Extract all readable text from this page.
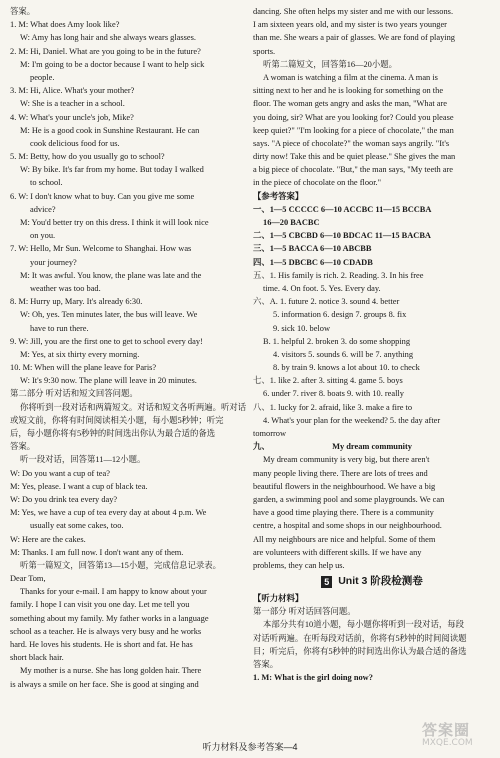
答案。
1. M: What does Amy look like?
W: Amy has long hair and she always wears glasses.
2. M: Hi, Daniel. What are you going to be in the future?
M: I'm going to be a doctor because I want to help sick
people.
3. M: Hi, Alice. What's your mother?
W: She is a teacher in a school.
4. W: What's your uncle's job, Mike?
M: He is a good cook in Sunshine Restaurant. He can
cook delicious food for us.
5. M: Betty, how do you usually go to school?
W: By bike. It's far from my home. But today I walked
to school.
6. W: I don't know what to buy. Can you give me some
advice?
M: You'd better try on this dress. I think it will look nice
on you.
7. W: Hello, Mr Sun. Welcome to Shanghai. How was
your journey?
M: It was awful. You know, the plane was late and the
weather was too bad.
8. M: Hurry up, Mary. It's already 6:30.
W: Oh, yes. Ten minutes later, the bus will leave. We
have to run there.
9. W: Jill, you are the first one to get to school every day!
M: Yes, at six thirty every morning.
10. M: When will the plane leave for Paris?
W: It's 9:30 now. The plane will leave in 20 minutes.
第二部分 听对话和短文回答问题。
你将听到一段对话和两篇短文。对话和短文各听两遍。听对话
或短文前，你将有时间阅读相关小题，每小题5秒钟；听完
后，每小题你将有5秒钟的时间选出你认为最合适的备选
答案。
听一段对话，回答第11—12小题。
W: Do you want a cup of tea?
M: Yes, please. I want a cup of black tea.
W: Do you drink tea every day?
M: Yes, we have a cup of tea every day at about 4 p.m. We
usually eat some cakes, too.
W: Here are the cakes.
M: Thanks. I am full now. I don't want any of them.
听第一篇短文，回答第13—15小题，完成信息记录表。
Dear Tom,
Thanks for your e-mail. I am happy to know about your
family. I hope I can visit you one day. Let me tell you
something about my family. My father works in a language
school as a teacher. He is always very busy and he works
hard. He loves his students. He is short and fat. He has
short black hair.
My mother is a nurse. She has long golden hair. There
is always a smile on her face. She is good at singing and
dancing. She often helps my sister and me with our lessons.
I am sixteen years old, and my sister is two years younger
than me. She wears a pair of glasses. We are fond of playing
sports.
听第二篇短文，回答第16—20小题。
A woman is watching a film at the cinema. A man is
sitting next to her and he is looking for something on the
floor. The woman gets angry and asks the man, "What are
you doing, sir? What are you looking for? Could you please
keep quiet?" "I'm looking for a piece of chocolate," the man
says. "A piece of chocolate?" the woman says angrily. "It's
dirty now! Take this and be quiet please." She gives the man
a big piece of chocolate. "But," the man says, "My teeth are
in the piece of chocolate on the floor."
【参考答案】
一、1—5 CCCCC 6—10 ACCBC 11—15 BCCBA
16—20 BACBC
二、1—5 CBCBD 6—10 BDCAC 11—15 BACBA
三、1—5 BACCA 6—10 ABCBB
四、1—5 DBCBC 6—10 CDADB
五、1. His family is rich. 2. Reading. 3. In his free
time. 4. On foot. 5. Yes. Every day.
六、A. 1. future 2. notice 3. sound 4. better
5. information 6. design 7. groups 8. fix
9. sick 10. below
B. 1. helpful 2. broken 3. do some shopping
4. visitors 5. sounds 6. will be 7. anything
8. by train 9. knows a lot about 10. to check
七、1. like 2. after 3. sitting 4. game 5. boys
6. under 7. river 8. boats 9. with 10. really
八、1. lucky for 2. afraid, like 3. make a fire to
4. What's your plan for the weekend? 5. the day after
tomorrow
九、	My dream community
My dream community is very big, but there aren't
many people living there. There are lots of trees and
beautiful flowers in the neighbourhood. We have a big
garden, a swimming pool and some playgrounds. We can
have a good time playing there. There is a community
centre, a hospital and some shops in our neighbourhood.
All my neighbours are nice and helpful. Some of them
are volunteers with different skills. If we have any
problems, they can help us.
5 Unit 3 阶段检测卷
【听力材料】
第一部分 听对话回答问题。
本部分共有10道小题，每小题你将听到一段对话，每段
对话听两遍。在听每段对话前，你将有5秒钟的时间阅读题
目；听完后，你将有5秒钟的时间选出你认为最合适的备选
答案。
1. M: What is the girl doing now?
听力材料及参考答案—4
答案圈
MXQE.COM
